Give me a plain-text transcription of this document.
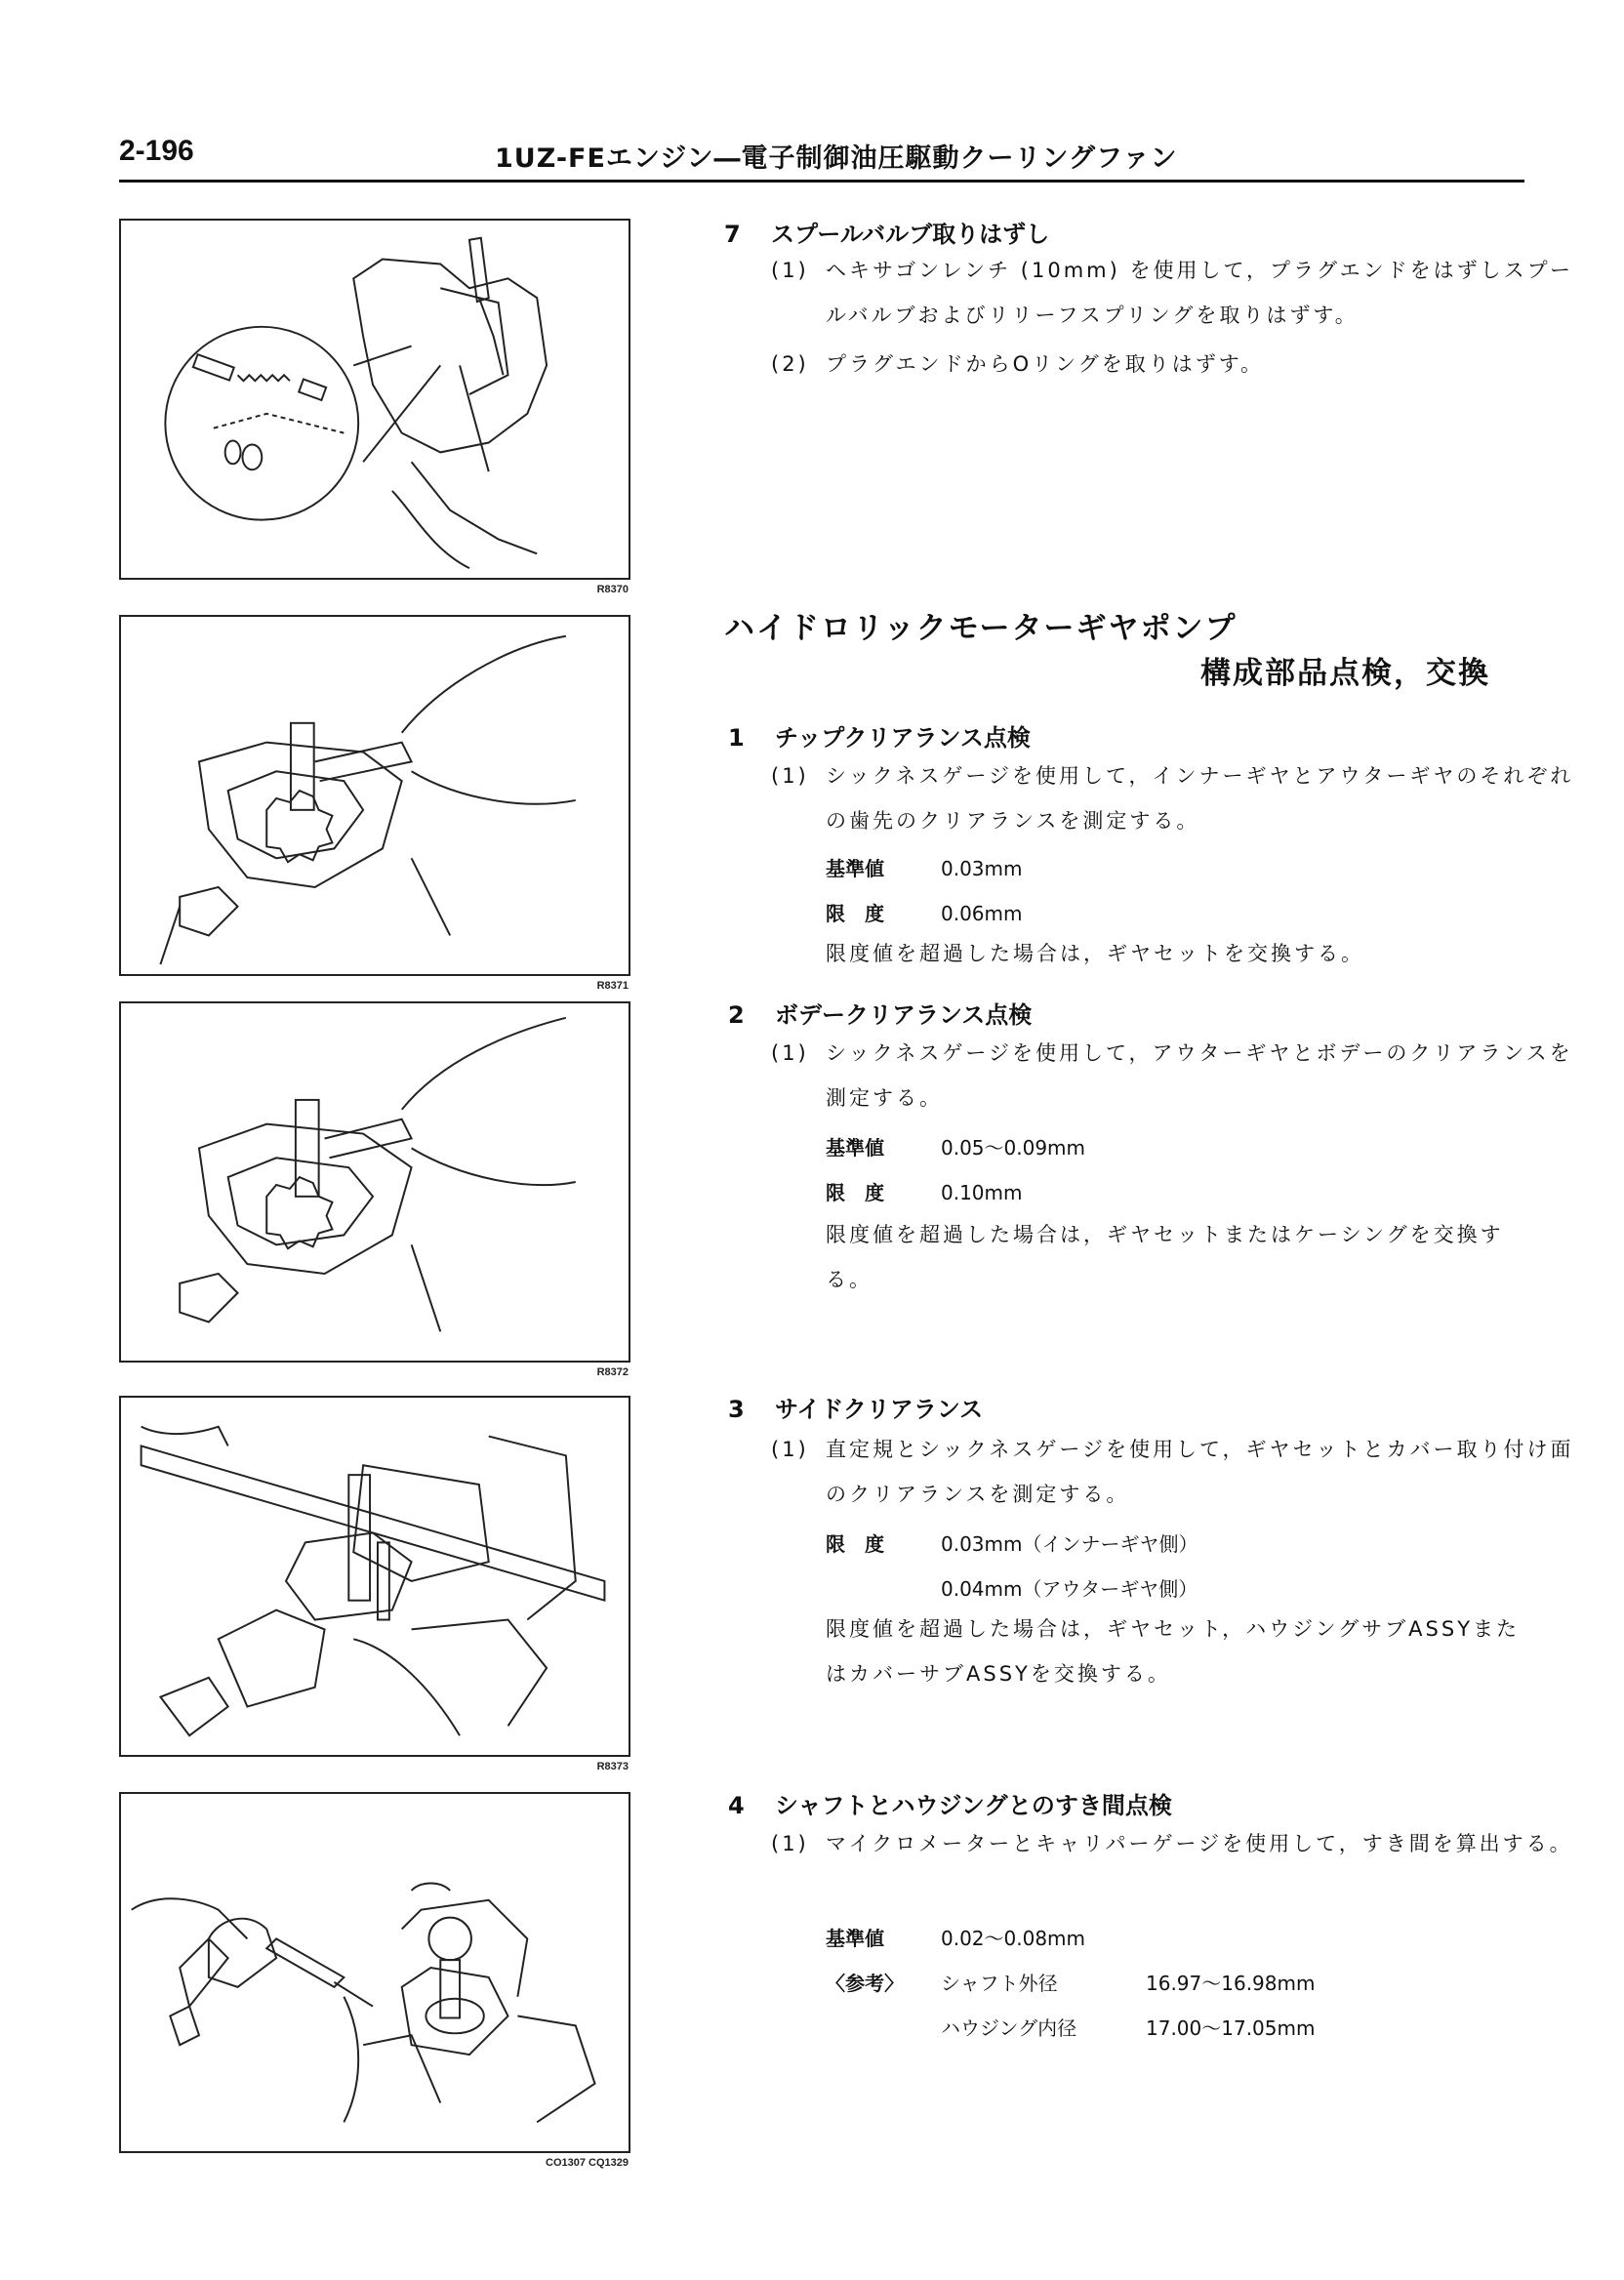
2-196	1UZ-FEエンジン―電子制御油圧駆動クーリングファン
R8370
R8371
R8372
R8373
CO1307 CQ1329
7 スプールバルブ取りはずし
(1) ヘキサゴンレンチ (10mm) を使用して，プラグエンドをはずしスプールバルブおよびリリーフスプリングを取りはずす。
(2) プラグエンドからOリングを取りはずす。
ハイドロリックモーターギヤポンプ
構成部品点検，交換
1 チップクリアランス点検
(1) シックネスゲージを使用して，インナーギヤとアウターギヤのそれぞれの歯先のクリアランスを測定する。
基準値	0.03mm
限　度	0.06mm
限度値を超過した場合は，ギヤセットを交換する。
2 ボデークリアランス点検
(1) シックネスゲージを使用して，アウターギヤとボデーのクリアランスを測定する。
基準値	0.05～0.09mm
限　度	0.10mm
限度値を超過した場合は，ギヤセットまたはケーシングを交換する。
3 サイドクリアランス
(1) 直定規とシックネスゲージを使用して，ギヤセットとカバー取り付け面のクリアランスを測定する。
限　度	0.03mm（インナーギヤ側）
0.04mm（アウターギヤ側）
限度値を超過した場合は，ギヤセット，ハウジングサブASSYまたはカバーサブASSYを交換する。
4 シャフトとハウジングとのすき間点検
(1) マイクロメーターとキャリパーゲージを使用して，すき間を算出する。
基準値	0.02～0.08mm
〈参考〉 シャフト外径	16.97～16.98mm
ハウジング内径	17.00～17.05mm
